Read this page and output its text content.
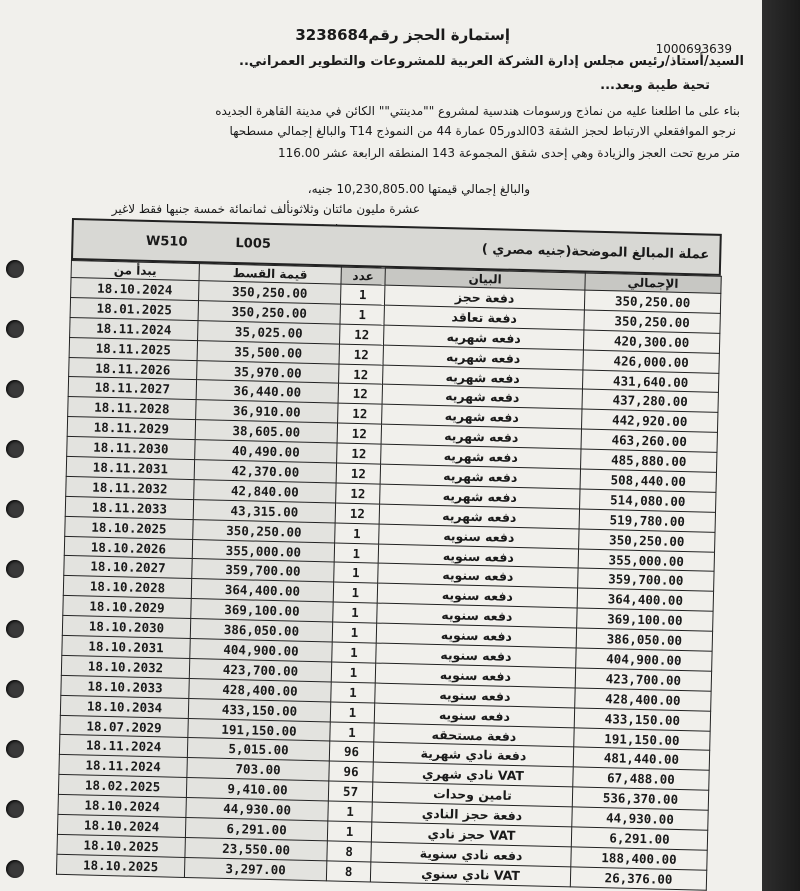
إستمارة الحجز رقم3238684
1000693639
السيد/أستاذ/رئيس مجلس إدارة الشركة العربية للمشروعات والتطوير العمراني..
تحية طيبة وبعد...
بناء على ما اطلعنا عليه من نماذج ورسومات هندسية لمشروع ""مدينتي"" الكائن في مدينة القاهرة الجديده
نرجو الموافقعلي الارتباط لحجز الشقة 03الدور05 عمارة 44 من النموذج T14 والبالغ إجمالي مسطحها
116.00 متر مربع تحت العجز والزيادة وهي إحدى شقق المجموعة 143 المنطقه الرابعة عشر
والبالغ إجمالي قيمتها 10,230,805.00 جنيه،
عشرة مليون مائتان وثلاثونألف ثمانمائة خمسة جنيها فقط لاغير
W510	L005	عملة المبالغ الموضحة(جنيه مصري )
يبدأ من	قيمة القسط	عدد	البيان	الإجمالي
18.10.2024	350,250.00	1	دفعة حجز	350,250.00
18.01.2025	350,250.00	1	دفعة تعاقد	350,250.00
18.11.2024	35,025.00	12	دفعه شهريه	420,300.00
18.11.2025	35,500.00	12	دفعه شهريه	426,000.00
18.11.2026	35,970.00	12	دفعه شهريه	431,640.00
18.11.2027	36,440.00	12	دفعه شهريه	437,280.00
18.11.2028	36,910.00	12	دفعه شهريه	442,920.00
18.11.2029	38,605.00	12	دفعه شهريه	463,260.00
18.11.2030	40,490.00	12	دفعه شهريه	485,880.00
18.11.2031	42,370.00	12	دفعه شهريه	508,440.00
18.11.2032	42,840.00	12	دفعه شهريه	514,080.00
18.11.2033	43,315.00	12	دفعه شهريه	519,780.00
18.10.2025	350,250.00	1	دفعه سنويه	350,250.00
18.10.2026	355,000.00	1	دفعه سنويه	355,000.00
18.10.2027	359,700.00	1	دفعه سنويه	359,700.00
18.10.2028	364,400.00	1	دفعه سنويه	364,400.00
18.10.2029	369,100.00	1	دفعه سنويه	369,100.00
18.10.2030	386,050.00	1	دفعه سنويه	386,050.00
18.10.2031	404,900.00	1	دفعه سنويه	404,900.00
18.10.2032	423,700.00	1	دفعه سنويه	423,700.00
18.10.2033	428,400.00	1	دفعه سنويه	428,400.00
18.10.2034	433,150.00	1	دفعه سنويه	433,150.00
18.07.2029	191,150.00	1	دفعة مستحقه	191,150.00
18.11.2024	5,015.00	96	دفعة نادي شهرية	481,440.00
18.11.2024	703.00	96	VAT نادي شهري	67,488.00
18.02.2025	9,410.00	57	تامين وحدات	536,370.00
18.10.2024	44,930.00	1	دفعة حجز النادي	44,930.00
18.10.2024	6,291.00	1	VAT حجز نادي	6,291.00
18.10.2025	23,550.00	8	دفعه نادي سنوية	188,400.00
18.10.2025	3,297.00	8	VAT نادي سنوي	26,376.00
